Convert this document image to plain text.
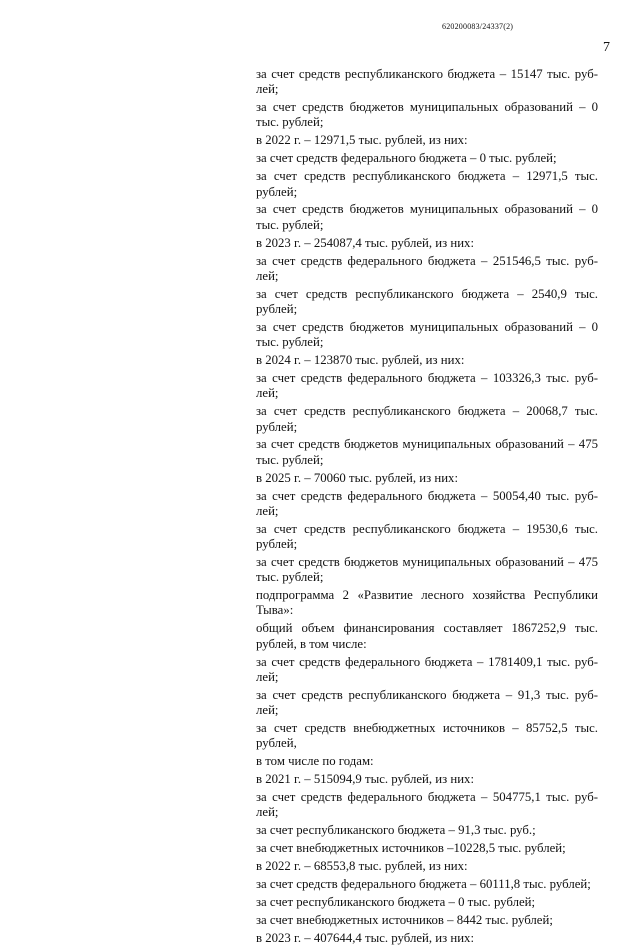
620200083/24337(2)
7
за счет средств республиканского бюджета – 15147 тыс. руб-
лей;
за счет средств бюджетов муниципальных образований – 0
тыс. рублей;
в 2022 г. – 12971,5 тыс. рублей, из них:
за счет средств федерального бюджета – 0 тыс. рублей;
за счет средств республиканского бюджета – 12971,5 тыс.
рублей;
за счет средств бюджетов муниципальных образований – 0
тыс. рублей;
в 2023 г. – 254087,4 тыс. рублей, из них:
за счет средств федерального бюджета – 251546,5 тыс. руб-
лей;
за счет средств республиканского бюджета – 2540,9 тыс.
рублей;
за счет средств бюджетов муниципальных образований – 0
тыс. рублей;
в 2024 г. – 123870 тыс. рублей, из них:
за счет средств федерального бюджета – 103326,3 тыс. руб-
лей;
за счет средств республиканского бюджета – 20068,7 тыс.
рублей;
за счет средств бюджетов муниципальных образований – 475
тыс. рублей;
в 2025 г. – 70060 тыс. рублей, из них:
за счет средств федерального бюджета – 50054,40 тыс. руб-
лей;
за счет средств республиканского бюджета – 19530,6 тыс.
рублей;
за счет средств бюджетов муниципальных образований – 475
тыс. рублей;
подпрограмма 2 «Развитие лесного хозяйства Республики
Тыва»:
общий объем финансирования составляет 1867252,9 тыс.
рублей, в том числе:
за счет средств федерального бюджета – 1781409,1 тыс. руб-
лей;
за счет средств республиканского бюджета – 91,3 тыс. руб-
лей;
за счет средств внебюджетных источников – 85752,5 тыс.
рублей,
в том числе по годам:
в 2021 г. – 515094,9 тыс. рублей, из них:
за счет средств федерального бюджета – 504775,1 тыс. руб-
лей;
за счет республиканского бюджета – 91,3 тыс. руб.;
за счет внебюджетных источников –10228,5 тыс. рублей;
в 2022 г. – 68553,8 тыс. рублей, из них:
за счет средств федерального бюджета – 60111,8 тыс. рублей;
за счет республиканского бюджета – 0 тыс. рублей;
за счет внебюджетных источников – 8442 тыс. рублей;
в 2023 г. – 407644,4 тыс. рублей, из них:
